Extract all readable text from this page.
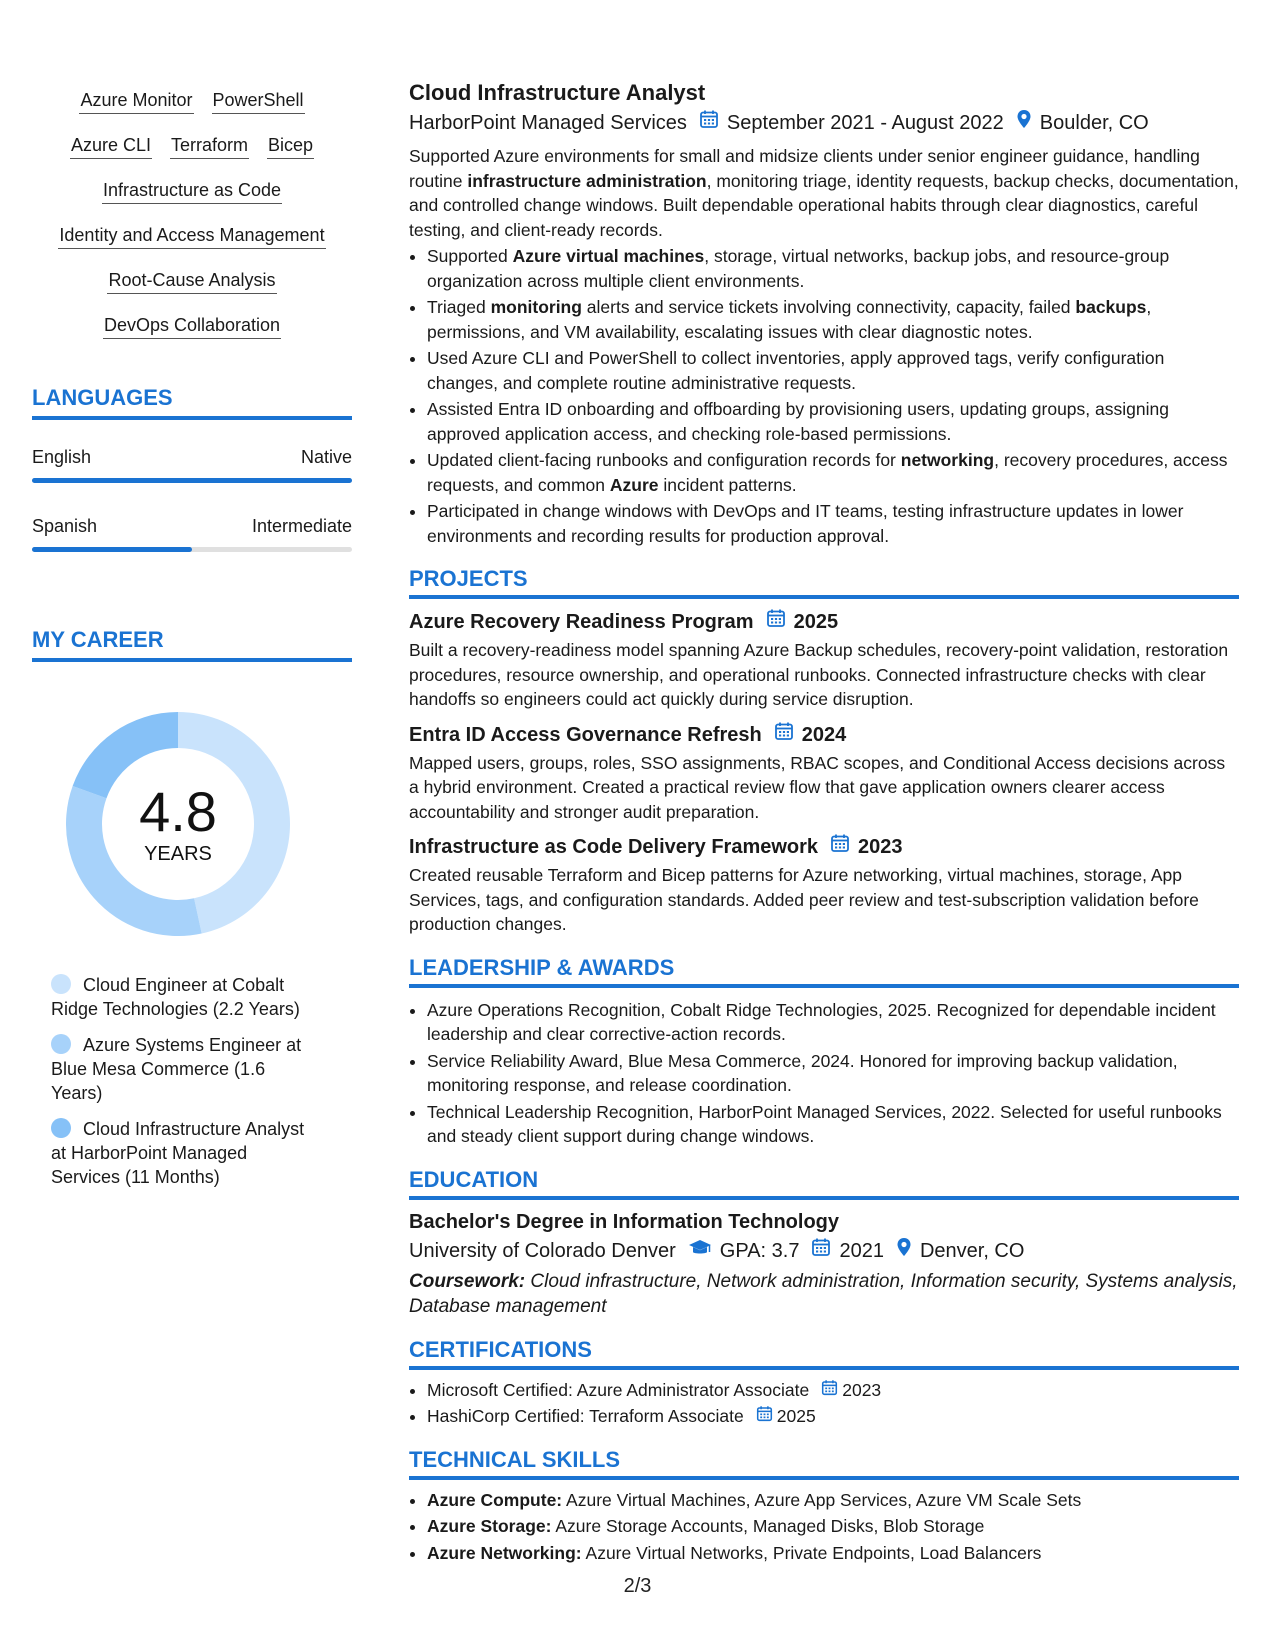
Azure Monitor PowerShell
Azure CLI Terraform Bicep
Infrastructure as Code
Identity and Access Management
Root-Cause Analysis
DevOps Collaboration
LANGUAGES
English	Native
Spanish	Intermediate
MY CAREER
4.8
YEARS
Cloud Engineer at Cobalt Ridge Technologies (2.2 Years)
Azure Systems Engineer at Blue Mesa Commerce (1.6 Years)
Cloud Infrastructure Analyst at HarborPoint Managed Services (11 Months)
Cloud Infrastructure Analyst
HarborPoint Managed Services September 2021 - August 2022 Boulder, CO

Supported Azure environments for small and midsize clients under senior engineer guidance, handling routine infrastructure administration, monitoring triage, identity requests, backup checks, documentation, and controlled change windows. Built dependable operational habits through clear diagnostics, careful testing, and client-ready records.

• Supported Azure virtual machines, storage, virtual networks, backup jobs, and resource-group organization across multiple client environments.
• Triaged monitoring alerts and service tickets involving connectivity, capacity, failed backups, permissions, and VM availability, escalating issues with clear diagnostic notes.
• Used Azure CLI and PowerShell to collect inventories, apply approved tags, verify configuration changes, and complete routine administrative requests.
• Assisted Entra ID onboarding and offboarding by provisioning users, updating groups, assigning approved application access, and checking role-based permissions.
• Updated client-facing runbooks and configuration records for networking, recovery procedures, access requests, and common Azure incident patterns.
• Participated in change windows with DevOps and IT teams, testing infrastructure updates in lower environments and recording results for production approval.
PROJECTS
Azure Recovery Readiness Program 2025

Built a recovery-readiness model spanning Azure Backup schedules, recovery-point validation, restoration procedures, resource ownership, and operational runbooks. Connected infrastructure checks with clear handoffs so engineers could act quickly during service disruption.

Entra ID Access Governance Refresh 2024

Mapped users, groups, roles, SSO assignments, RBAC scopes, and Conditional Access decisions across a hybrid environment. Created a practical review flow that gave application owners clearer access accountability and stronger audit preparation.

Infrastructure as Code Delivery Framework 2023

Created reusable Terraform and Bicep patterns for Azure networking, virtual machines, storage, App Services, tags, and configuration standards. Added peer review and test-subscription validation before production changes.

LEADERSHIP & AWARDS
• Azure Operations Recognition, Cobalt Ridge Technologies, 2025. Recognized for dependable incident leadership and clear corrective-action records.
• Service Reliability Award, Blue Mesa Commerce, 2024. Honored for improving backup validation, monitoring response, and release coordination.
• Technical Leadership Recognition, HarborPoint Managed Services, 2022. Selected for useful runbooks and steady client support during change windows.
EDUCATION
Bachelor's Degree in Information Technology
University of Colorado Denver GPA: 3.7 2021 Denver, CO
Coursework: Cloud infrastructure, Network administration, Information security, Systems analysis, Database management
CERTIFICATIONS
• Microsoft Certified: Azure Administrator Associate 2023
• HashiCorp Certified: Terraform Associate 2025
TECHNICAL SKILLS
• Azure Compute: Azure Virtual Machines, Azure App Services, Azure VM Scale Sets
• Azure Storage: Azure Storage Accounts, Managed Disks, Blob Storage
• Azure Networking: Azure Virtual Networks, Private Endpoints, Load Balancers
2/3
